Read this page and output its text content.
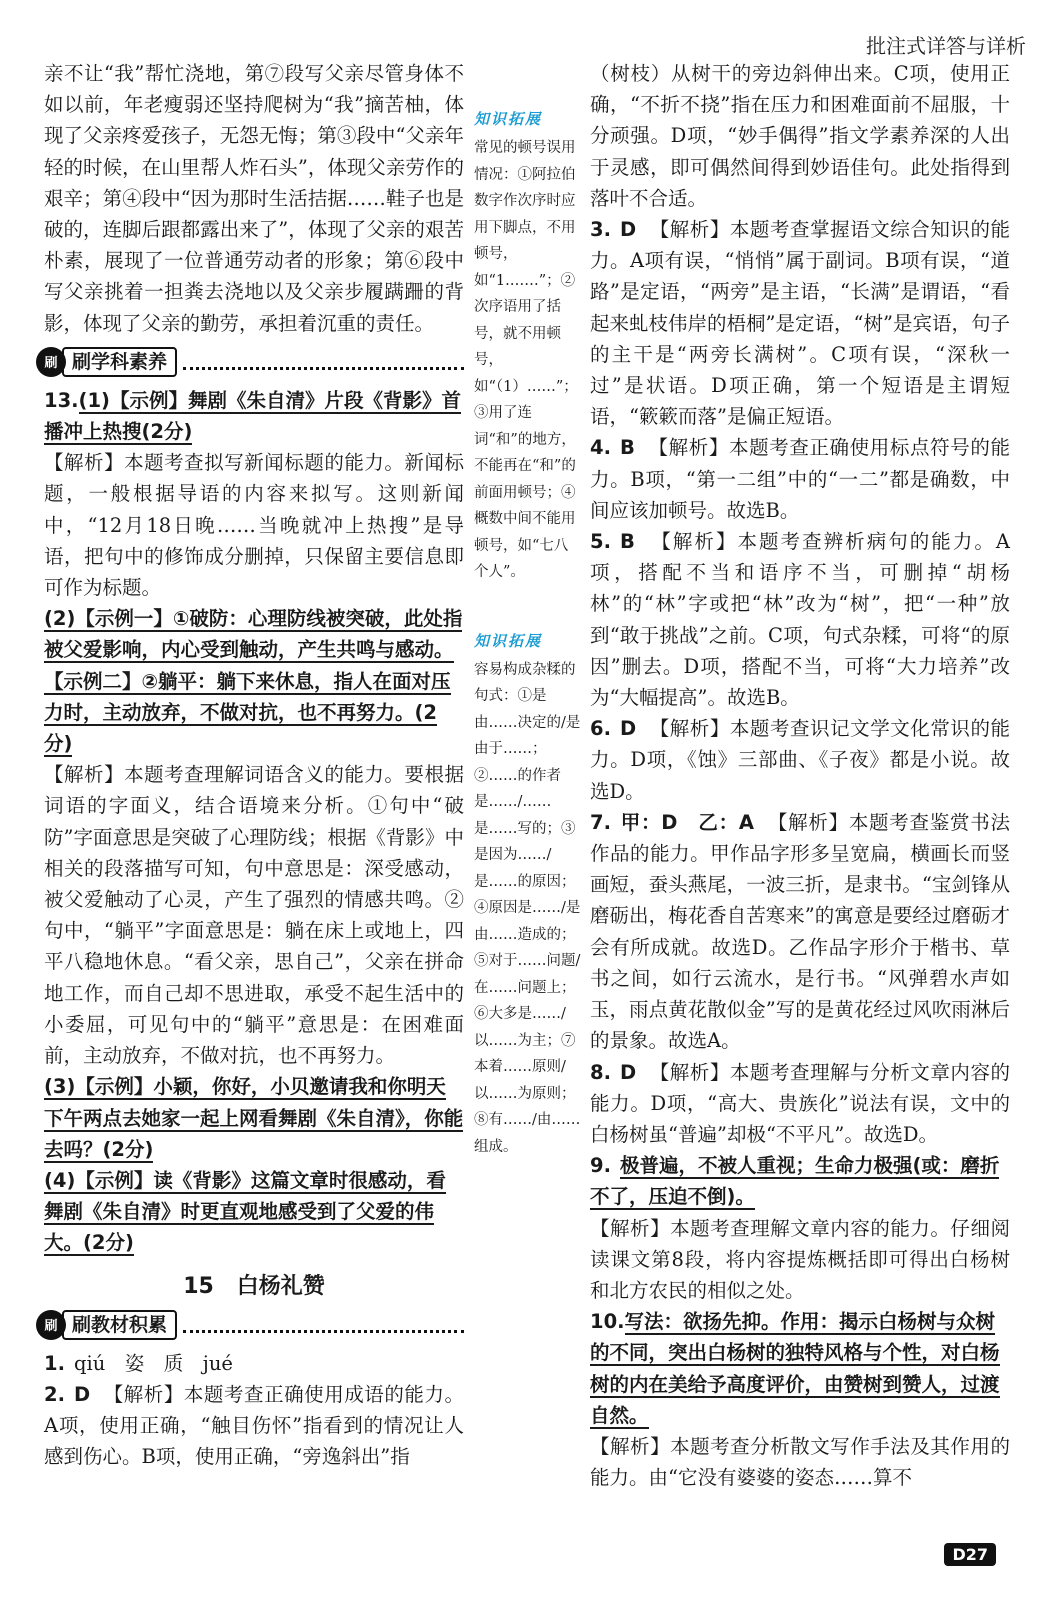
批注式详答与详析

亲不让“我”帮忙浇地，第⑦段写父亲尽管身体不如以前，年老瘦弱还坚持爬树为“我”摘苦柚，体现了父亲疼爱孩子，无怨无悔；第③段中“父亲年轻的时候，在山里帮人炸石头”，体现父亲劳作的艰辛；第④段中“因为那时生活拮据……鞋子也是破的，连脚后跟都露出来了”，体现了父亲的艰苦朴素，展现了一位普通劳动者的形象；第⑥段中写父亲挑着一担粪去浇地以及父亲步履蹒跚的背影，体现了父亲的勤劳，承担着沉重的责任。

刷 刷学科素养

13.(1)【示例】舞剧《朱自清》片段《背影》首播冲上热搜(2分)

【解析】本题考查拟写新闻标题的能力。新闻标题，一般根据导语的内容来拟写。这则新闻中，“12月18日晚……当晚就冲上热搜”是导语，把句中的修饰成分删掉，只保留主要信息即可作为标题。

(2)【示例一】①破防：心理防线被突破，此处指被父爱影响，内心受到触动，产生共鸣与感动。【示例二】②躺平：躺下来休息，指人在面对压力时，主动放弃，不做对抗，也不再努力。(2分)

【解析】本题考查理解词语含义的能力。要根据词语的字面义，结合语境来分析。①句中“破防”字面意思是突破了心理防线；根据《背影》中相关的段落描写可知，句中意思是：深受感动，被父爱触动了心灵，产生了强烈的情感共鸣。②句中，“躺平”字面意思是：躺在床上或地上，四平八稳地休息。“看父亲，思自己”，父亲在拼命地工作，而自己却不思进取，承受不起生活中的小委屈，可见句中的“躺平”意思是：在困难面前，主动放弃，不做对抗，也不再努力。

(3)【示例】小颖，你好，小贝邀请我和你明天下午两点去她家一起上网看舞剧《朱自清》，你能去吗？(2分)

(4)【示例】读《背影》这篇文章时很感动，看舞剧《朱自清》时更直观地感受到了父爱的伟大。(2分)

15 白杨礼赞
刷 刷教材积累

1. qiú　姿　质　jué

2. D 【解析】本题考查正确使用成语的能力。A项，使用正确，“触目伤怀”指看到的情况让人感到伤心。B项，使用正确，“旁逸斜出”指

知识拓展
常见的顿号误用情况：①阿拉伯数字作次序时应用下脚点，不用顿号，如“1.……”；②次序语用了括号，就不用顿号，如“（1）……”；③用了连词“和”的地方，不能再在“和”的前面用顿号；④概数中间不能用顿号，如“七八个人”。
知识拓展
容易构成杂糅的句式：①是由……决定的/是由于……；②……的作者是……/……是……写的；③是因为……/是……的原因；④原因是……/是由……造成的；⑤对于……问题/在……问题上；⑥大多是……/以……为主；⑦本着……原则/以……为原则；⑧有……/由……组成。

（树枝）从树干的旁边斜伸出来。C项，使用正确，“不折不挠”指在压力和困难面前不屈服，十分顽强。D项，“妙手偶得”指文学素养深的人出于灵感，即可偶然间得到妙语佳句。此处指得到落叶不合适。

3. D 【解析】本题考查掌握语文综合知识的能力。A项有误，“悄悄”属于副词。B项有误，“道路”是定语，“两旁”是主语，“长满”是谓语，“看起来虬枝伟岸的梧桐”是定语，“树”是宾语，句子的主干是“两旁长满树”。C项有误，“深秋一过”是状语。D项正确，第一个短语是主谓短语，“簌簌而落”是偏正短语。

4. B 【解析】本题考查正确使用标点符号的能力。B项，“第一二组”中的“一二”都是确数，中间应该加顿号。故选B。

5. B 【解析】本题考查辨析病句的能力。A项，搭配不当和语序不当，可删掉“胡杨林”的“林”字或把“林”改为“树”，把“一种”放到“敢于挑战”之前。C项，句式杂糅，可将“的原因”删去。D项，搭配不当，可将“大力培养”改为“大幅提高”。故选B。

6. D 【解析】本题考查识记文学文化常识的能力。D项，《蚀》三部曲、《子夜》都是小说。故选D。

7. 甲：D　乙：A 【解析】本题考查鉴赏书法作品的能力。甲作品字形多呈宽扁，横画长而竖画短，蚕头燕尾，一波三折，是隶书。“宝剑锋从磨砺出，梅花香自苦寒来”的寓意是要经过磨砺才会有所成就。故选D。乙作品字形介于楷书、草书之间，如行云流水，是行书。“风弹碧水声如玉，雨点黄花散似金”写的是黄花经过风吹雨淋后的景象。故选A。

8. D 【解析】本题考查理解与分析文章内容的能力。D项，“高大、贵族化”说法有误，文中的白杨树虽“普遍”却极“不平凡”。故选D。

9. 极普遍，不被人重视；生命力极强(或：磨折不了，压迫不倒)。

【解析】本题考查理解文章内容的能力。仔细阅读课文第8段，将内容提炼概括即可得出白杨树和北方农民的相似之处。

10.写法：欲扬先抑。作用：揭示白杨树与众树的不同，突出白杨树的独特风格与个性，对白杨树的内在美给予高度评价，由赞树到赞人，过渡自然。

【解析】本题考查分析散文写作手法及其作用的能力。由“它没有婆婆的姿态……算不

D27
